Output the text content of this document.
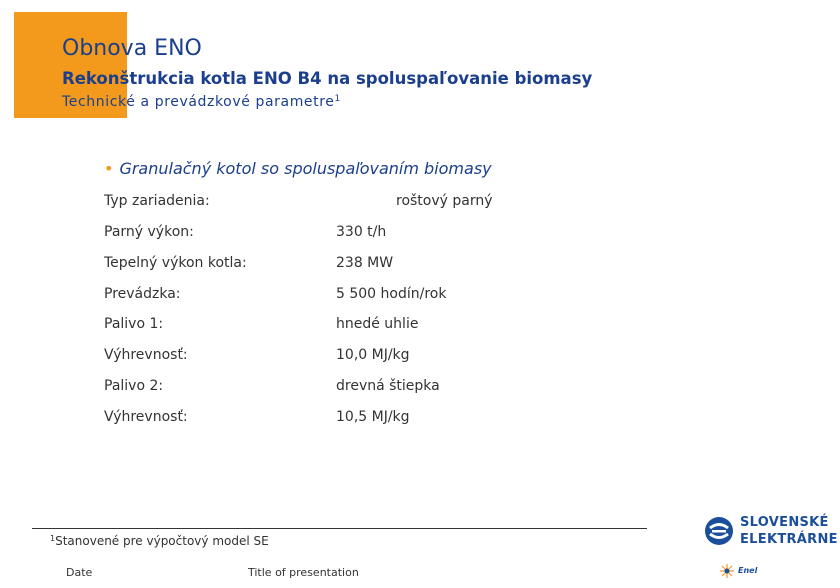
Obnova ENO
Rekonštrukcia kotla ENO B4 na spoluspaľovanie biomasy
Technické a prevádzkové parametre$^1$
• Granulačný kotol so spoluspaľovaním biomasy
Typ zariadenia:	roštový parný
Parný výkon:	330 t/h
Tepelný výkon kotla:	238 MW
Prevádzka:	5 500 hodín/rok
Palivo 1:	hnedé uhlie
Výhrevnosť:	10,0 MJ/kg
Palivo 2:	drevná štiepka
Výhrevnosť:	10,5 MJ/kg
$^1$Stanovené pre výpočtový model SE
Date	Title of presentation
SLOVENSKÉ
ELEKTRÁRNE
Enel
